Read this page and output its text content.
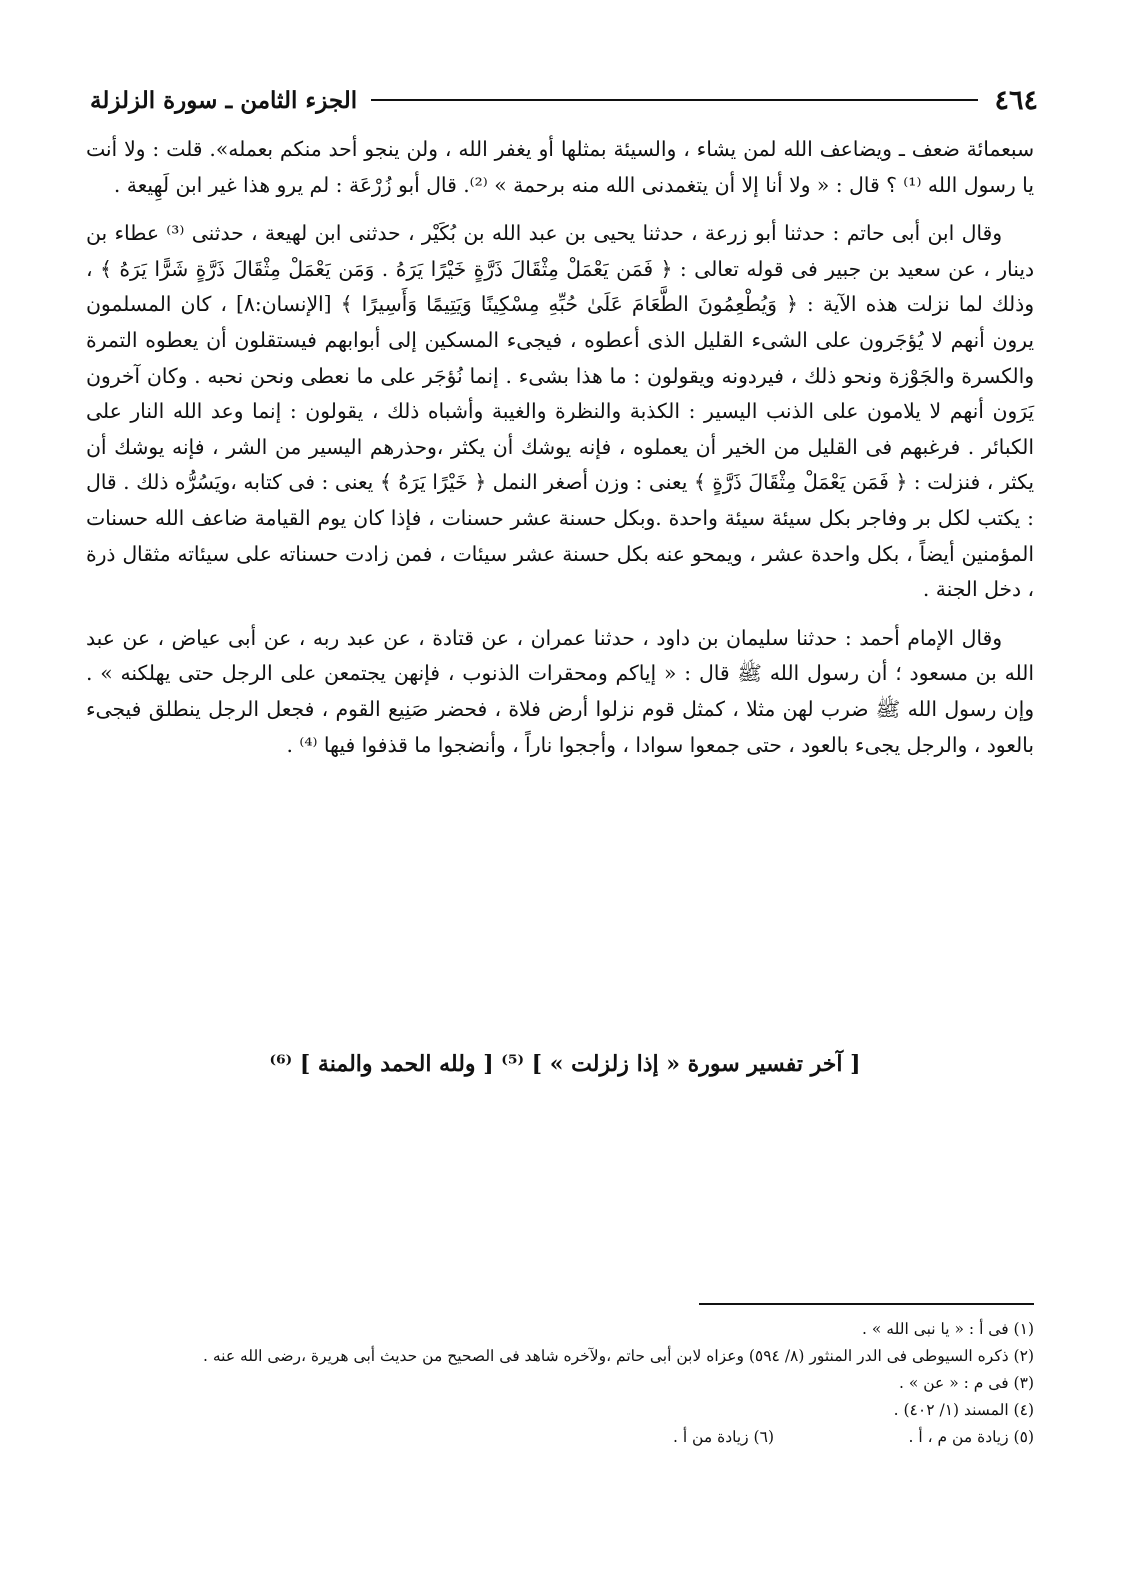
٤٦٤
الجزء الثامن ـ سورة الزلزلة

سبعمائة ضعف ـ ويضاعف الله لمن يشاء ، والسيئة بمثلها أو يغفر الله ، ولن ينجو أحد منكم بعمله». قلت : ولا أنت يا رسول الله ⁽¹⁾ ؟ قال : « ولا أنا إلا أن يتغمدنى الله منه برحمة » ⁽²⁾. قال أبو زُرْعَة : لم يرو هذا غير ابن لَهِيعة .

وقال ابن أبى حاتم : حدثنا أبو زرعة ، حدثنا يحيى بن عبد الله بن بُكَيْر ، حدثنى ابن لهيعة ، حدثنى ⁽³⁾ عطاء بن دينار ، عن سعيد بن جبير فى قوله تعالى : ﴿ فَمَن يَعْمَلْ مِثْقَالَ ذَرَّةٍ خَيْرًا يَرَهُ . وَمَن يَعْمَلْ مِثْقَالَ ذَرَّةٍ شَرًّا يَرَهُ ﴾ ، وذلك لما نزلت هذه الآية : ﴿ وَيُطْعِمُونَ الطَّعَامَ عَلَىٰ حُبِّهِ مِسْكِينًا وَيَتِيمًا وَأَسِيرًا ﴾ [الإنسان:٨] ، كان المسلمون يرون أنهم لا يُؤجَرون على الشىء القليل الذى أعطوه ، فيجىء المسكين إلى أبوابهم فيستقلون أن يعطوه التمرة والكسرة والجَوْزة ونحو ذلك ، فيردونه ويقولون : ما هذا بشىء . إنما نُؤجَر على ما نعطى ونحن نحبه . وكان آخرون يَرَون أنهم لا يلامون على الذنب اليسير : الكذبة والنظرة والغيبة وأشباه ذلك ، يقولون : إنما وعد الله النار على الكبائر . فرغبهم فى القليل من الخير أن يعملوه ، فإنه يوشك أن يكثر ،وحذرهم اليسير من الشر ، فإنه يوشك أن يكثر ، فنزلت : ﴿ فَمَن يَعْمَلْ مِثْقَالَ ذَرَّةٍ ﴾ يعنى : وزن أصغر النمل ﴿ خَيْرًا يَرَهُ ﴾ يعنى : فى كتابه ،ويَسُرُّه ذلك . قال : يكتب لكل بر وفاجر بكل سيئة سيئة واحدة .وبكل حسنة عشر حسنات ، فإذا كان يوم القيامة ضاعف الله حسنات المؤمنين أيضاً ، بكل واحدة عشر ، ويمحو عنه بكل حسنة عشر سيئات ، فمن زادت حسناته على سيئاته مثقال ذرة ، دخل الجنة .

وقال الإمام أحمد : حدثنا سليمان بن داود ، حدثنا عمران ، عن قتادة ، عن عبد ربه ، عن أبى عياض ، عن عبد الله بن مسعود ؛ أن رسول الله ﷺ قال : « إياكم ومحقرات الذنوب ، فإنهن يجتمعن على الرجل حتى يهلكنه » . وإن رسول الله ﷺ ضرب لهن مثلا ، كمثل قوم نزلوا أرض فلاة ، فحضر صَنِيع القوم ، فجعل الرجل ينطلق فيجىء بالعود ، والرجل يجىء بالعود ، حتى جمعوا سوادا ، وأججوا ناراً ، وأنضجوا ما قذفوا فيها ⁽⁴⁾ .

[ آخر تفسير سورة « إذا زلزلت » ] ⁽⁵⁾ [ ولله الحمد والمنة ] ⁽⁶⁾

(١) فى أ : « يا نبى الله » .

(٢) ذكره السيوطى فى الدر المنثور (٨/ ٥٩٤) وعزاه لابن أبى حاتم ،ولآخره شاهد فى الصحيح من حديث أبى هريرة ،رضى الله عنه .

(٣) فى م : « عن » .

(٤) المسند (١/ ٤٠٢) .

(٥) زيادة من م ، أ .

(٦) زيادة من أ .
